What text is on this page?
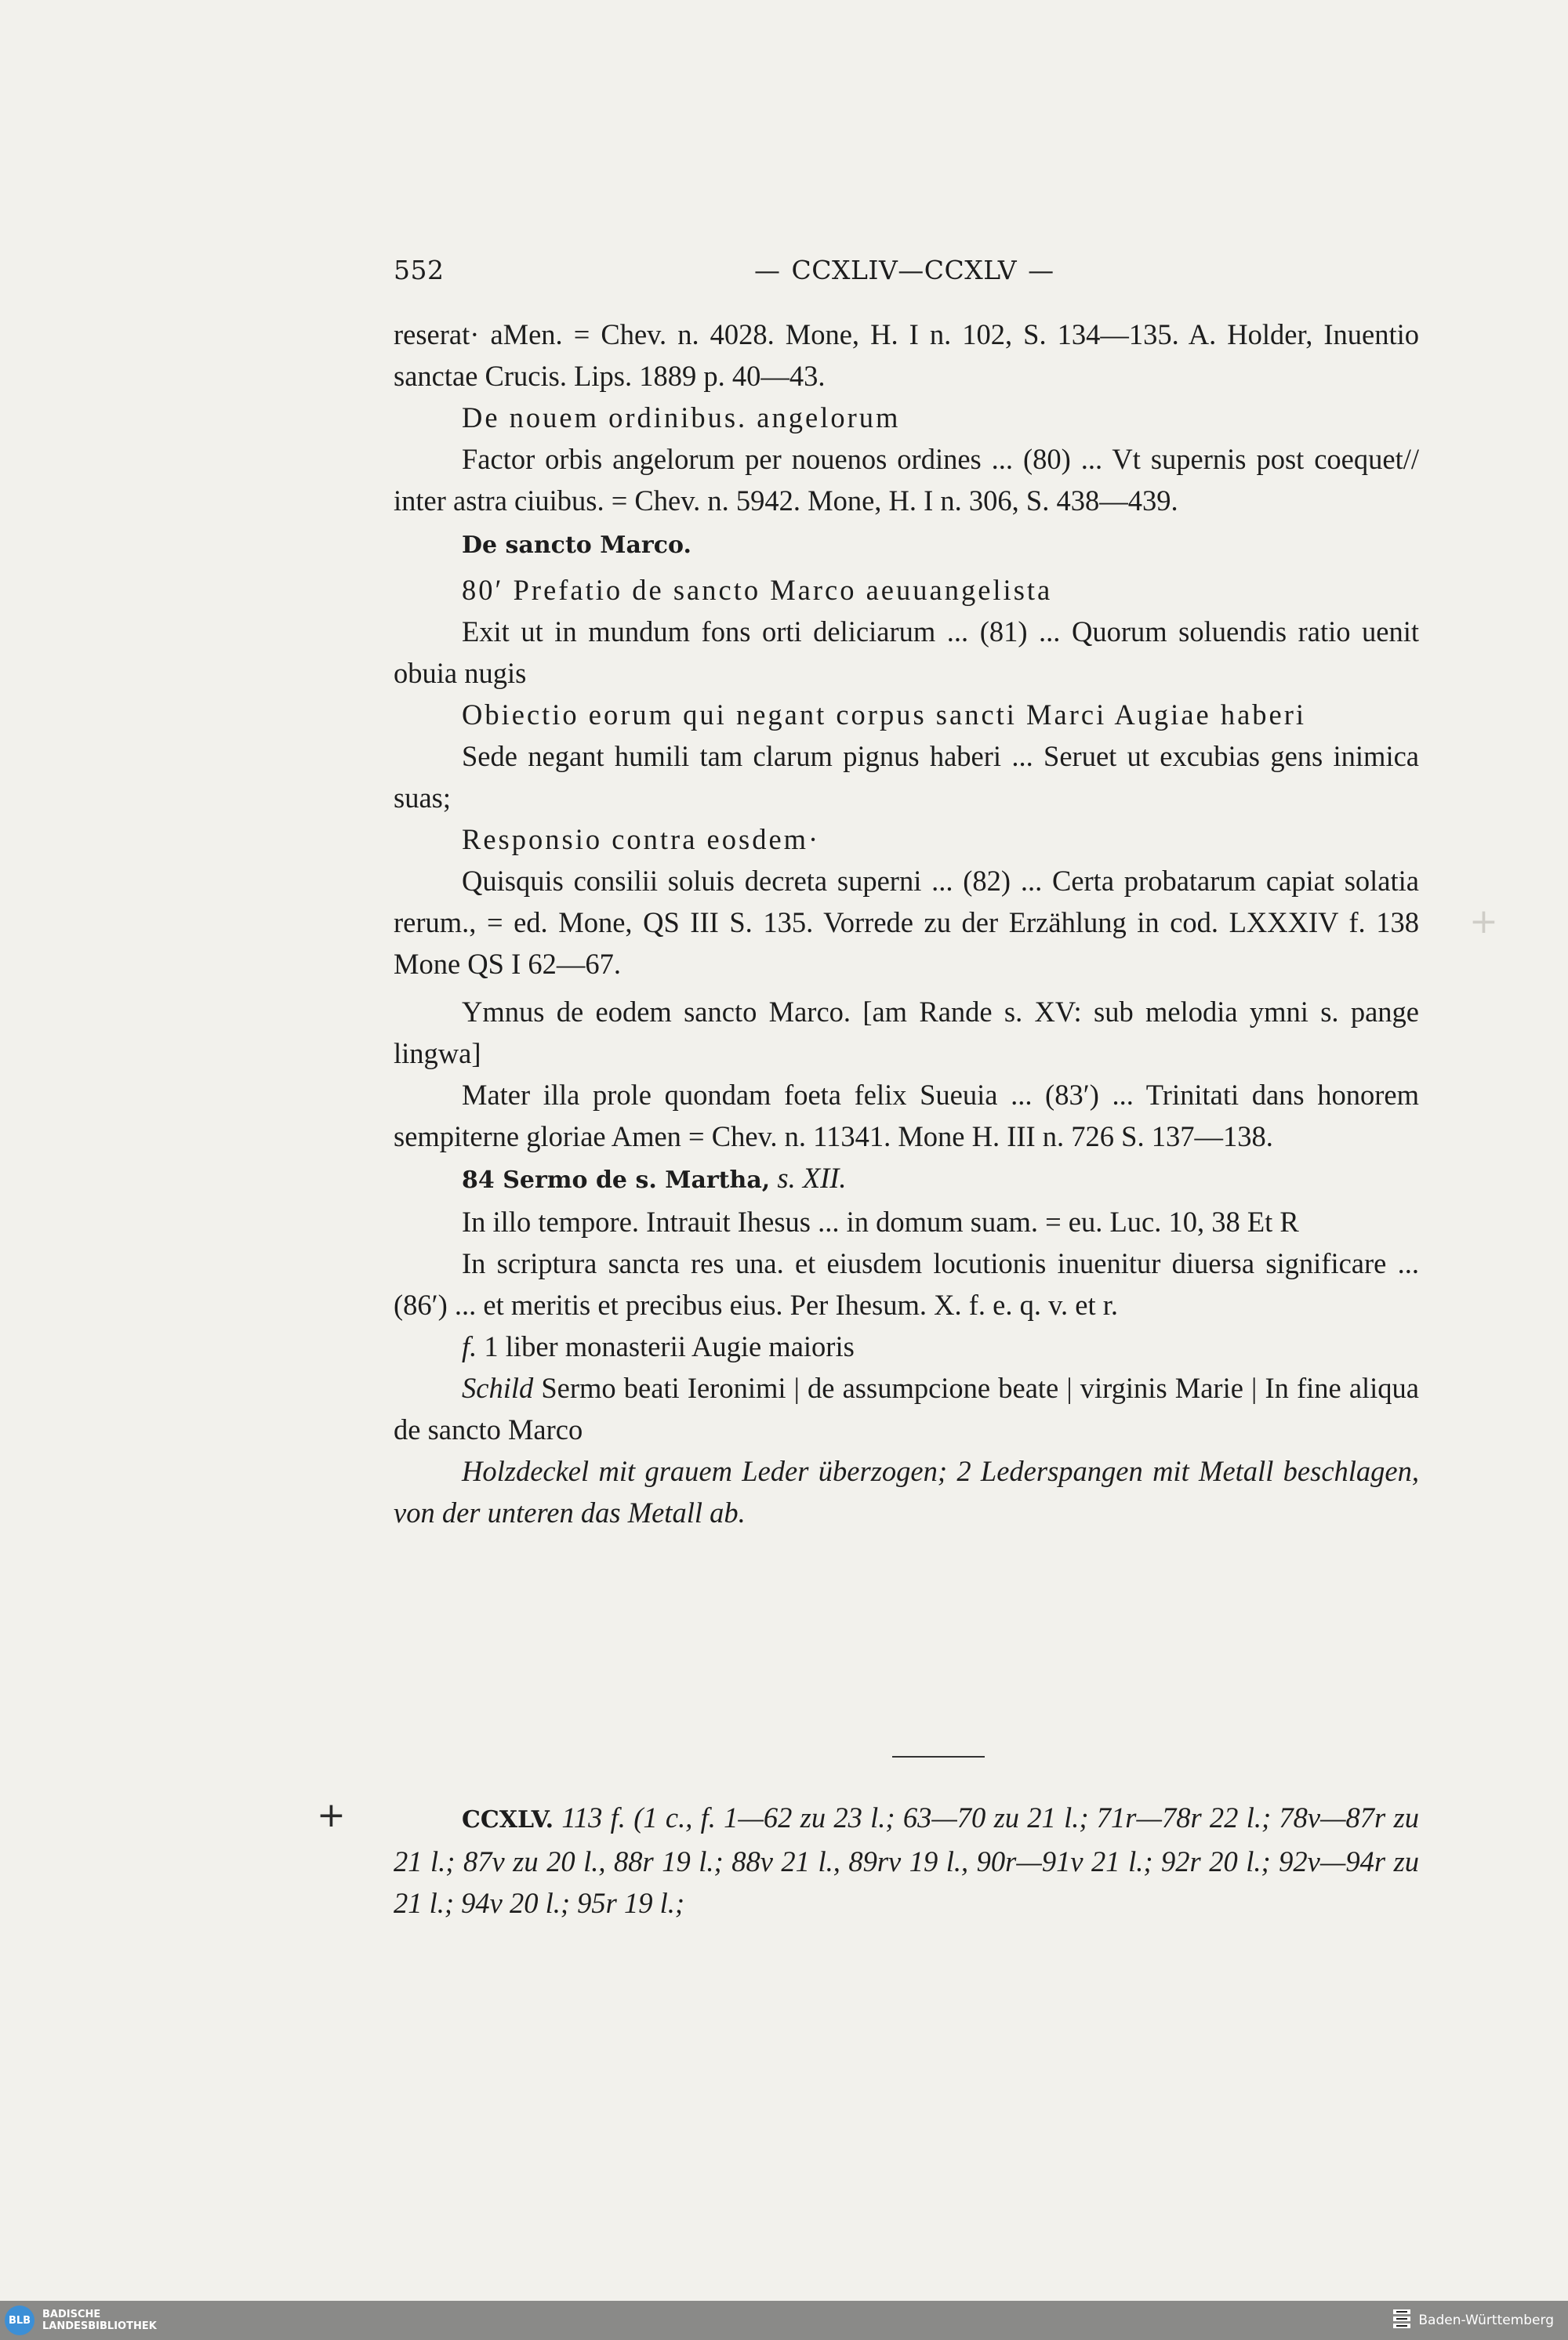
552	— CCXLIV—CCXLV —
+

reserat· aMen. = Chev. n. 4028. Mone, H. I n. 102, S. 134—135. A. Holder, Inuentio sanctae Crucis. Lips. 1889 p. 40—43.

De nouem ordinibus. angelorum

Factor orbis angelorum per nouenos ordines ... (80) ... Vt supernis post coequet// inter astra ciuibus. = Chev. n. 5942. Mone, H. I n. 306, S. 438—439.

De sancto Marco.

80′ Prefatio de sancto Marco aeuuangelista

Exit ut in mundum fons orti deliciarum ... (81) ... Quorum soluendis ratio uenit obuia nugis

Obiectio eorum qui negant corpus sancti Marci Augiae haberi

Sede negant humili tam clarum pignus haberi ... Seruet ut excubias gens inimica suas;

Responsio contra eosdem·

Quisquis consilii soluis decreta superni ... (82) ... Certa probatarum capiat solatia rerum., = ed. Mone, QS III S. 135. Vorrede zu der Erzählung in cod. LXXXIV f. 138 Mone QS I 62—67.

Ymnus de eodem sancto Marco. [am Rande s. XV: sub melodia ymni s. pange lingwa]

Mater illa prole quondam foeta felix Sueuia ... (83′) ... Trinitati dans honorem sempiterne gloriae Amen = Chev. n. 11341. Mone H. III n. 726 S. 137—138.

84 Sermo de s. Martha, s. XII.

In illo tempore. Intrauit Ihesus ... in domum suam. = eu. Luc. 10, 38 Et R

In scriptura sancta res una. et eiusdem locutionis inuenitur diuersa significare ... (86′) ... et meritis et precibus eius. Per Ihesum. X. f. e. q. v. et r.

f. 1 liber monasterii Augie maioris

Schild Sermo beati Ieronimi | de assumpcione beate | virginis Marie | In fine aliqua de sancto Marco

Holzdeckel mit grauem Leder überzogen; 2 Lederspangen mit Metall beschlagen, von der unteren das Metall ab.

+	CCXLV. 113 f. (1 c., f. 1—62 zu 23 l.; 63—70 zu 21 l.; 71r—78r 22 l.; 78v—87r zu 21 l.; 87v zu 20 l., 88r 19 l.; 88v 21 l., 89rv 19 l., 90r—91v 21 l.; 92r 20 l.; 92v—94r zu 21 l.; 94v 20 l.; 95r 19 l.;

BLB	BADISCHE
LANDESBIBLIOTHEK	Baden-Württemberg
